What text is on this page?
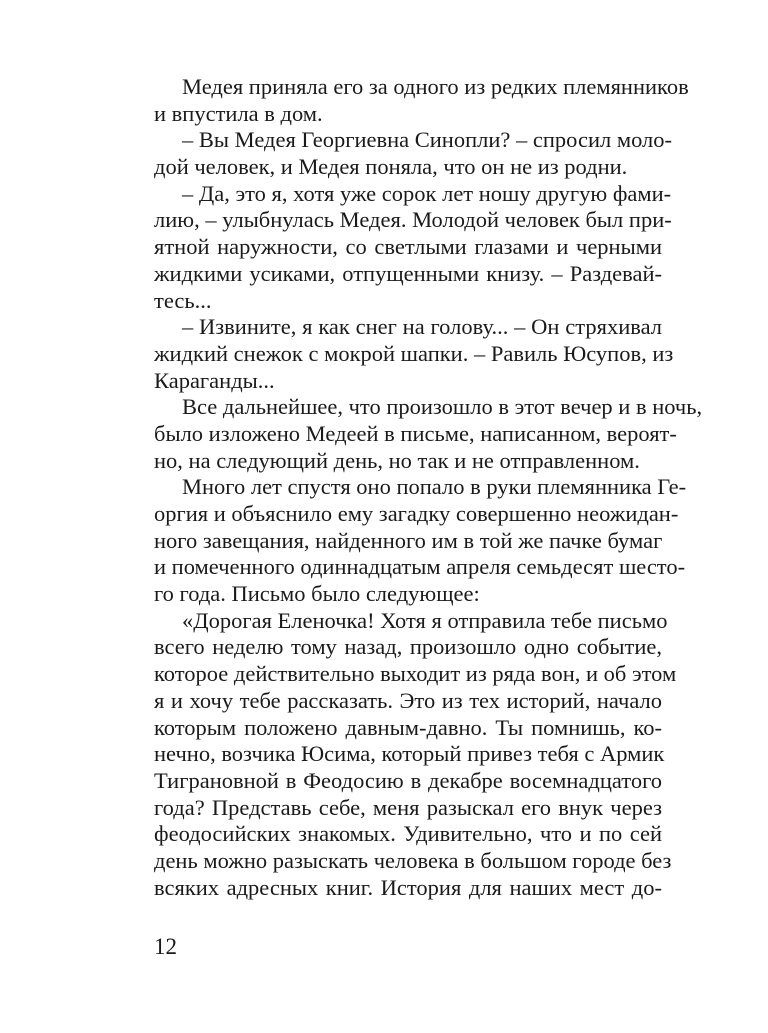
Медея приняла его за одного из редких племянников
и впустила в дом.
– Вы Медея Георгиевна Синопли? – спросил моло-
дой человек, и Медея поняла, что он не из родни.
– Да, это я, хотя уже сорок лет ношу другую фами-
лию, – улыбнулась Медея. Молодой человек был при-
ятной наружности, со светлыми глазами и черными
жидкими усиками, отпущенными книзу. – Раздевай-
тесь...
– Извините, я как снег на голову... – Он стряхивал
жидкий снежок с мокрой шапки. – Равиль Юсупов, из
Караганды...
Все дальнейшее, что произошло в этот вечер и в ночь,
было изложено Медеей в письме, написанном, вероят-
но, на следующий день, но так и не отправленном.
Много лет спустя оно попало в руки племянника Ге-
оргия и объяснило ему загадку совершенно неожидан-
ного завещания, найденного им в той же пачке бумаг
и помеченного одиннадцатым апреля семьдесят шесто-
го года. Письмо было следующее:
«Дорогая Еленочка! Хотя я отправила тебе письмо
всего неделю тому назад, произошло одно событие,
которое действительно выходит из ряда вон, и об этом
я и хочу тебе рассказать. Это из тех историй, начало
которым положено давным-давно. Ты помнишь, ко-
нечно, возчика Юсима, который привез тебя с Армик
Тиграновной в Феодосию в декабре восемнадцатого
года? Представь себе, меня разыскал его внук через
феодосийских знакомых. Удивительно, что и по сей
день можно разыскать человека в большом городе без
всяких адресных книг. История для наших мест до-
12
